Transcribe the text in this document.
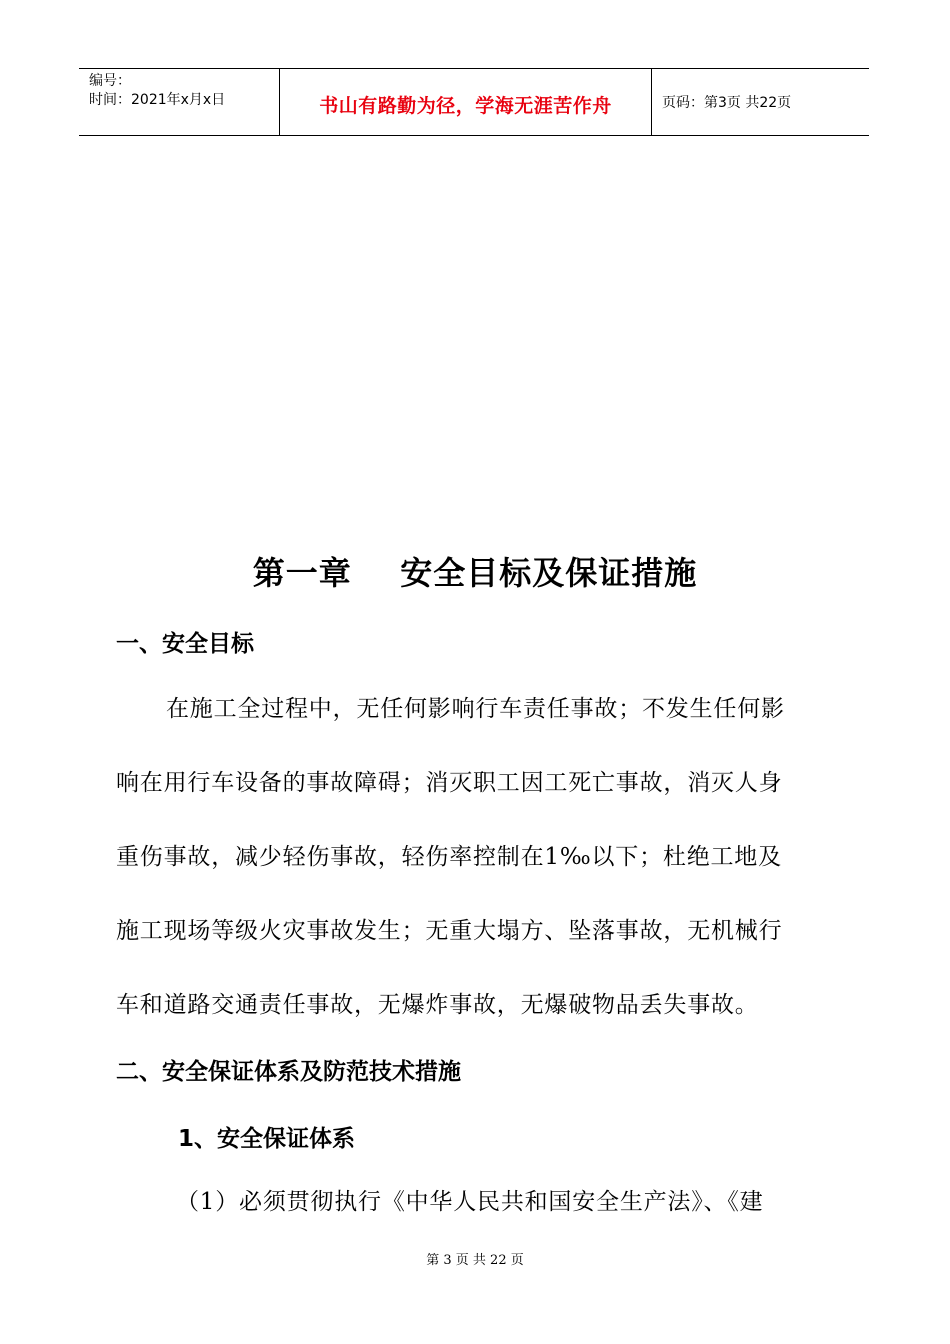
编号：
时间：2021年x月x日	书山有路勤为径，学海无涯苦作舟	页码：第3页 共22页
第一章    安全目标及保证措施
一、安全目标
在施工全过程中，无任何影响行车责任事故；不发生任何影
响在用行车设备的事故障碍；消灭职工因工死亡事故，消灭人身
重伤事故，减少轻伤事故，轻伤率控制在1‰以下；杜绝工地及
施工现场等级火灾事故发生；无重大塌方、坠落事故，无机械行
车和道路交通责任事故，无爆炸事故，无爆破物品丢失事故。
二、安全保证体系及防范技术措施
1、安全保证体系
（1）必须贯彻执行《中华人民共和国安全生产法》、《建
第 3 页 共 22 页
